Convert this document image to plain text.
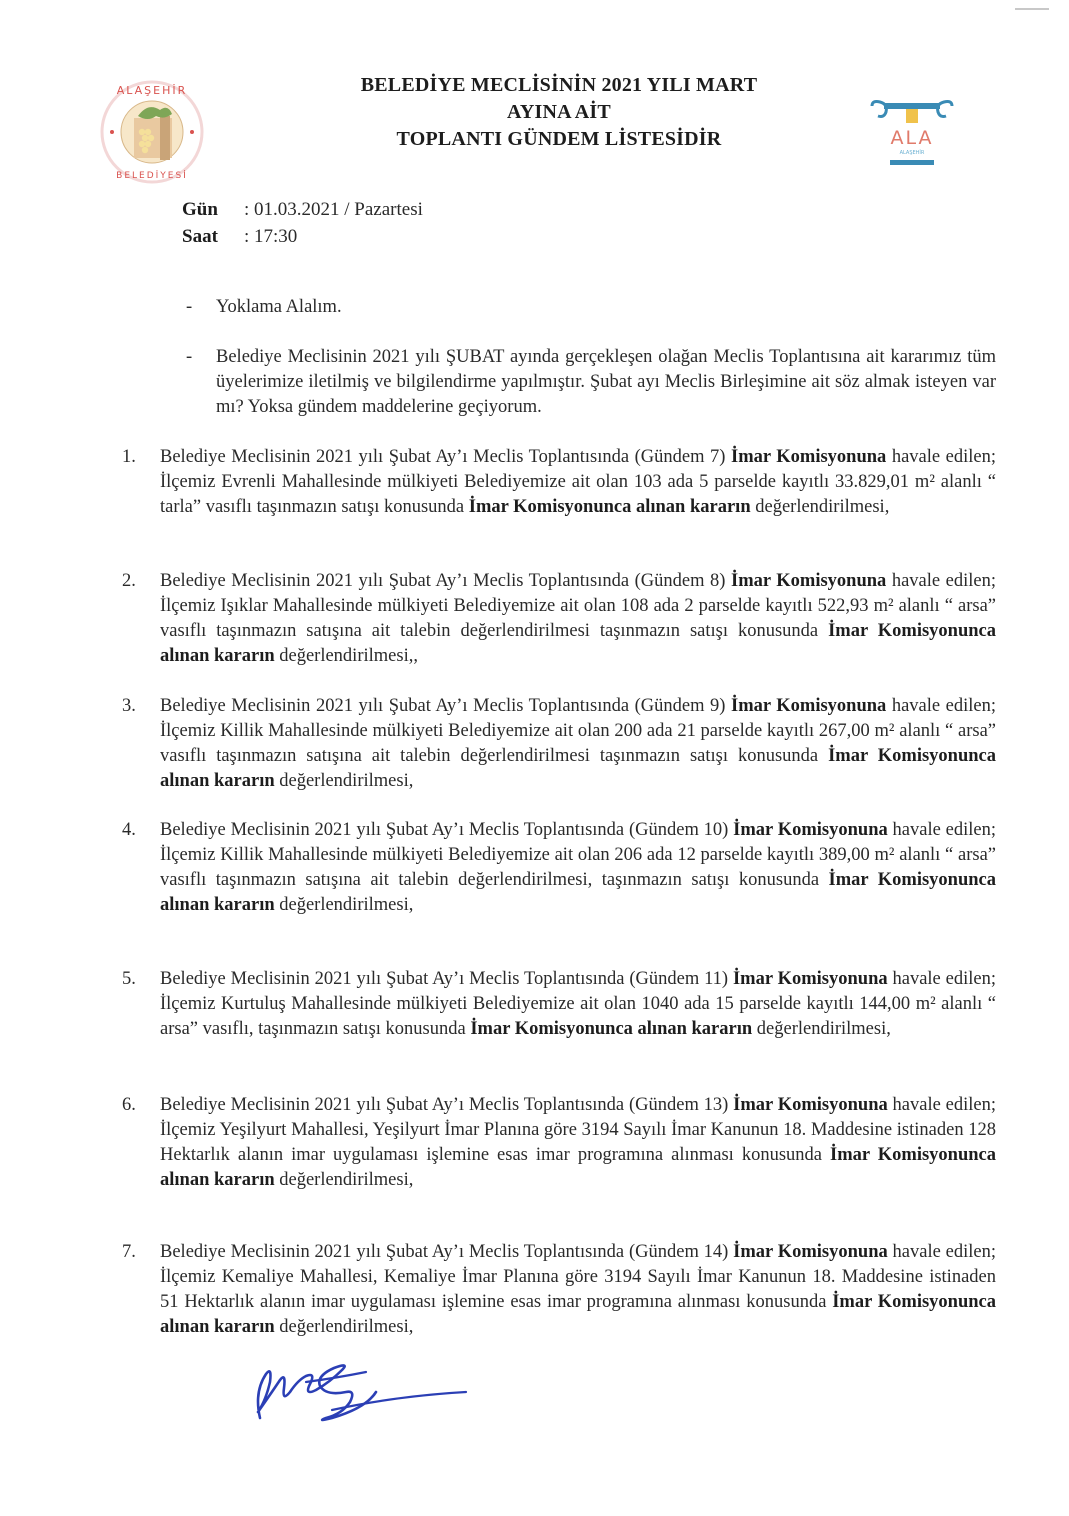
ALAŞEHİR
BELEDİYESİ
ALA
ALAŞEHİR
BELEDİYE MECLİSİNİN 2021 YILI MART
AYINA AİT
TOPLANTI GÜNDEM LİSTESİDİR
Gün	: 01.03.2021 / Pazartesi
Saat	: 17:30
- Yoklama Alalım.
- Belediye Meclisinin 2021 yılı ŞUBAT ayında gerçekleşen olağan Meclis Toplantısına ait kararımız tüm üyelerimize iletilmiş ve bilgilendirme yapılmıştır. Şubat ayı Meclis Birleşimine ait söz almak isteyen var mı? Yoksa gündem maddelerine geçiyorum.
1. Belediye Meclisinin 2021 yılı Şubat Ay’ı Meclis Toplantısında (Gündem 7) İmar Komisyonuna havale edilen; İlçemiz Evrenli Mahallesinde mülkiyeti Belediyemize ait olan 103 ada 5 parselde kayıtlı 33.829,01 m² alanlı “ tarla” vasıflı taşınmazın satışı konusunda İmar Komisyonunca alınan kararın değerlendirilmesi,
2. Belediye Meclisinin 2021 yılı Şubat Ay’ı Meclis Toplantısında (Gündem 8) İmar Komisyonuna havale edilen; İlçemiz Işıklar Mahallesinde mülkiyeti Belediyemize ait olan 108 ada 2 parselde kayıtlı 522,93 m² alanlı “ arsa” vasıflı taşınmazın satışına ait talebin değerlendirilmesi taşınmazın satışı konusunda İmar Komisyonunca alınan kararın değerlendirilmesi,,
3. Belediye Meclisinin 2021 yılı Şubat Ay’ı Meclis Toplantısında (Gündem 9) İmar Komisyonuna havale edilen; İlçemiz Killik Mahallesinde mülkiyeti Belediyemize ait olan 200 ada 21 parselde kayıtlı 267,00 m² alanlı “ arsa” vasıflı taşınmazın satışına ait talebin değerlendirilmesi taşınmazın satışı konusunda İmar Komisyonunca alınan kararın değerlendirilmesi,
4. Belediye Meclisinin 2021 yılı Şubat Ay’ı Meclis Toplantısında (Gündem 10) İmar Komisyonuna havale edilen; İlçemiz Killik Mahallesinde mülkiyeti Belediyemize ait olan 206 ada 12 parselde kayıtlı 389,00 m² alanlı “ arsa” vasıflı taşınmazın satışına ait talebin değerlendirilmesi, taşınmazın satışı konusunda İmar Komisyonunca alınan kararın değerlendirilmesi,
5. Belediye Meclisinin 2021 yılı Şubat Ay’ı Meclis Toplantısında (Gündem 11) İmar Komisyonuna havale edilen; İlçemiz Kurtuluş Mahallesinde mülkiyeti Belediyemize ait olan 1040 ada 15 parselde kayıtlı 144,00 m² alanlı “ arsa” vasıflı, taşınmazın satışı konusunda İmar Komisyonunca alınan kararın değerlendirilmesi,
6. Belediye Meclisinin 2021 yılı Şubat Ay’ı Meclis Toplantısında (Gündem 13) İmar Komisyonuna havale edilen; İlçemiz Yeşilyurt Mahallesi, Yeşilyurt İmar Planına göre 3194 Sayılı İmar Kanunun 18. Maddesine istinaden 128 Hektarlık alanın imar uygulaması işlemine esas imar programına alınması konusunda İmar Komisyonunca alınan kararın değerlendirilmesi,
7. Belediye Meclisinin 2021 yılı Şubat Ay’ı Meclis Toplantısında (Gündem 14) İmar Komisyonuna havale edilen; İlçemiz Kemaliye Mahallesi, Kemaliye İmar Planına göre 3194 Sayılı İmar Kanunun 18. Maddesine istinaden 51 Hektarlık alanın imar uygulaması işlemine esas imar programına alınması konusunda İmar Komisyonunca alınan kararın değerlendirilmesi,
